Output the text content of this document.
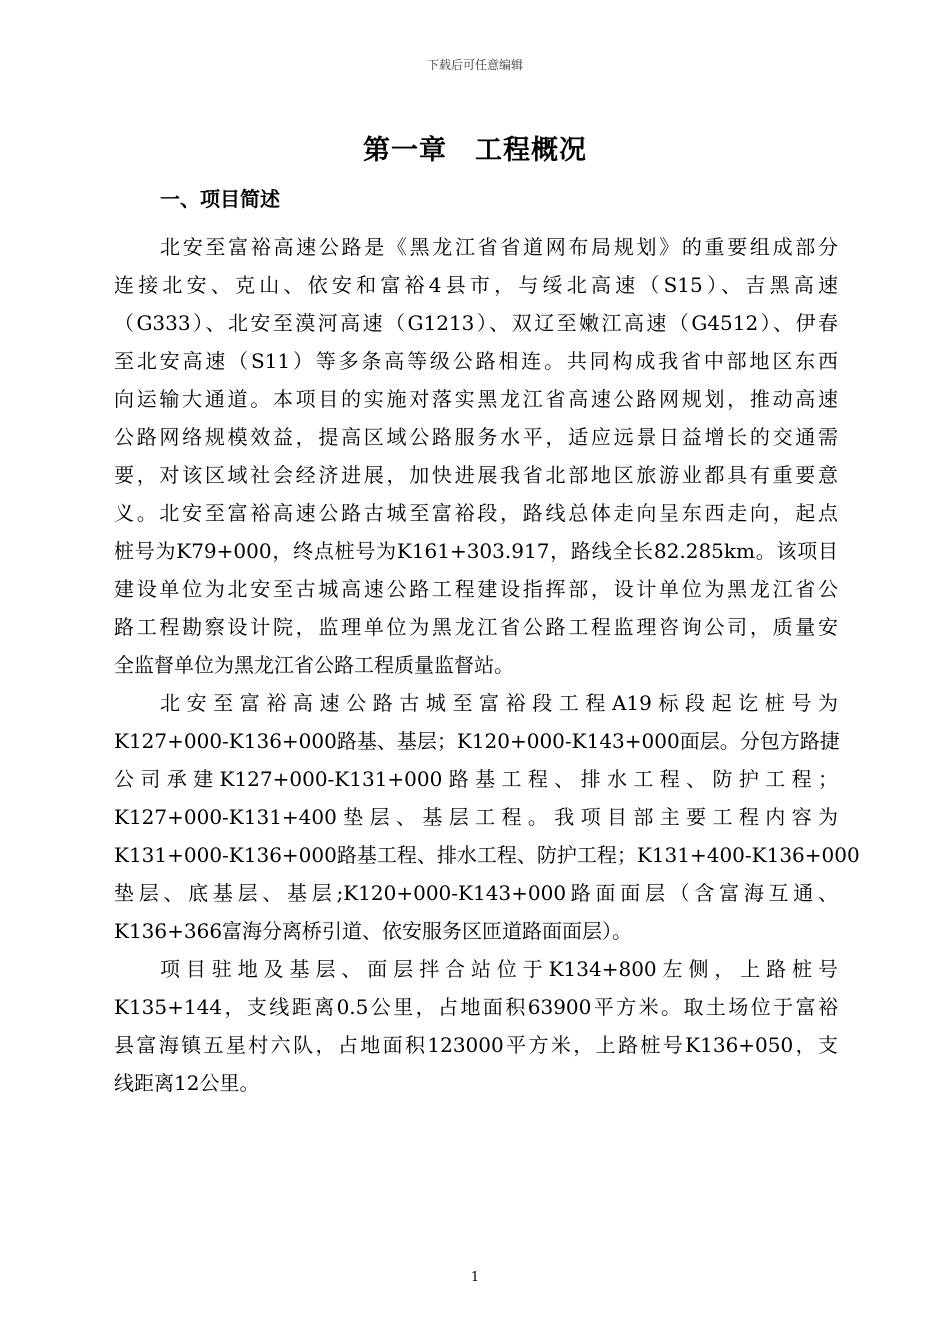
下载后可任意编辑
第一章　工程概况
一、项目简述
北安至富裕高速公路是《黑龙江省省道网布局规划》的重要组成部分
连接北安、克山、依安和富裕4县市，与绥北高速（S15）、吉黑高速
（G333）、北安至漠河高速（G1213）、双辽至嫩江高速（G4512）、伊春
至北安高速（S11）等多条高等级公路相连。共同构成我省中部地区东西
向运输大通道。本项目的实施对落实黑龙江省高速公路网规划，推动高速
公路网络规模效益，提高区域公路服务水平，适应远景日益增长的交通需
要，对该区域社会经济进展，加快进展我省北部地区旅游业都具有重要意
义。北安至富裕高速公路古城至富裕段，路线总体走向呈东西走向，起点
桩号为K79+000，终点桩号为K161+303.917，路线全长82.285km。该项目
建设单位为北安至古城高速公路工程建设指挥部，设计单位为黑龙江省公
路工程勘察设计院，监理单位为黑龙江省公路工程监理咨询公司，质量安
全监督单位为黑龙江省公路工程质量监督站。
北安至富裕高速公路古城至富裕段工程A19标段起讫桩号为
K127+000-K136+000路基、基层；K120+000-K143+000面层。分包方路捷
公司承建K127+000-K131+000路基工程、排水工程、防护工程；
K127+000-K131+400垫层、基层工程。我项目部主要工程内容为
K131+000-K136+000路基工程、排水工程、防护工程；K131+400-K136+000
垫层、底基层、基层;K120+000-K143+000路面面层（含富海互通、
K136+366富海分离桥引道、依安服务区匝道路面面层）。
项目驻地及基层、面层拌合站位于K134+800左侧，上路桩号
K135+144，支线距离0.5公里，占地面积63900平方米。取土场位于富裕
县富海镇五星村六队，占地面积123000平方米，上路桩号K136+050，支
线距离12公里。
1
